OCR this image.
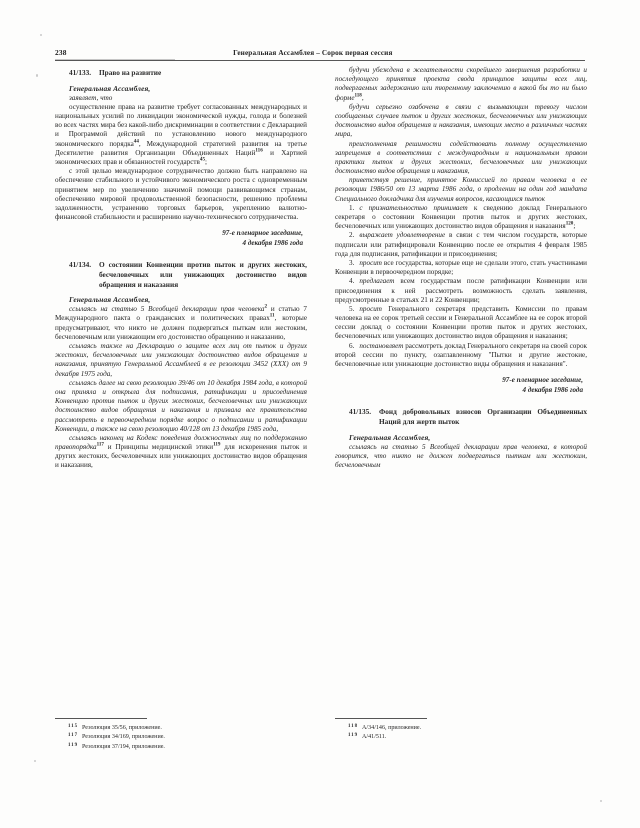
238	Генеральная Ассамблея – Сорок первая сессия
41/133.	Право на развитие
Генеральная Ассамблея,

заявляет, что

осуществление права на развитие требует согласованных международных и национальных усилий по ликвидации экономической нужды, голода и болезней во всех частях мира без какой-либо дискриминации в соответствии с Декларацией и Программой действий по установлению нового международного экономического порядка$^{44}$, Международной стратегией развития на третье Десятилетие развития Организации Объединенных Наций$^{116}$ и Хартией экономических прав и обязанностей государств$^{45}$;

с этой целью международное сотрудничество должно быть направлено на обеспечение стабильного и устойчивого экономического роста с одновременным принятием мер по увеличению значимой помощи развивающимся странам, обеспечению мировой продовольственной безопасности, решению проблемы задолженности, устранению торговых барьеров, укреплению валютно-финансовой стабильности и расширению научно-технического сотрудничества.

97-е пленарное заседание,
4 декабря 1986 года
41/134.	О состоянии Конвенции против пыток и других жестоких, бесчеловечных или унижающих достоинство видов обращения и наказания
Генеральная Ассамблея,

ссылаясь на статью 5 Всеобщей декларации прав человека$^2$ и статью 7 Международного пакта о гражданских и политических правах$^{11}$, которые предусматривают, что никто не должен подвергаться пыткам или жестоким, бесчеловечным или унижающим его достоинство обращению и наказанию,

ссылаясь также на Декларацию о защите всех лиц от пыток и других жестоких, бесчеловечных или унижающих достоинство видов обращения и наказания, принятую Генеральной Ассамблеей в ее резолюции 3452 (XXX) от 9 декабря 1975 года,

ссылаясь далее на свою резолюцию 39/46 от 10 декабря 1984 года, в которой она приняла и открыла для подписания, ратификации и присоединения Конвенцию против пыток и других жестоких, бесчеловечных или унижающих достоинство видов обращения и наказания и призвала все правительства рассмотреть в первоочередном порядке вопрос о подписании и ратификации Конвенции, а также на свою резолюцию 40/128 от 13 декабря 1985 года,

ссылаясь наконец на Кодекс поведения должностных лиц по поддержанию правопорядка$^{117}$ и Принципы медицинской этики$^{119}$ для искоренения пыток и других жестоких, бесчеловечных или унижающих достоинство видов обращения и наказания,

будучи убеждена в желательности скорейшего завершения разработки и последующего принятия проекта свода принципов защиты всех лиц, подвергаемых задержанию или тюремному заключению в какой бы то ни было форме$^{118}$,

будучи серьезно озабочена в связи с вызывающим тревогу числом сообщаемых случаев пыток и других жестоких, бесчеловечных или унижающих достоинство видов обращения и наказания, имеющих место в различных частях мира,

преисполненная решимости содействовать полному осуществлению запрещения в соответствии с международным и национальным правом практики пыток и других жестоких, бесчеловечных или унижающих достоинство видов обращения и наказания,

приветствуя решение, принятое Комиссией по правам человека в ее резолюции 1986/50 от 13 марта 1986 года, о продлении на один год мандата Специального докладчика для изучения вопросов, касающихся пыток

1. с признательностью принимает к сведению доклад Генерального секретаря о состоянии Конвенции против пыток и других жестоких, бесчеловечных или унижающих достоинство видов обращения и наказания$^{120}$;

2. выражает удовлетворение в связи с тем числом государств, которые подписали или ратифицировали Конвенцию после ее открытия 4 февраля 1985 года для подписания, ратификации и присоединения;

3. просит все государства, которые еще не сделали этого, стать участниками Конвенции в первоочередном порядке;

4. предлагает всем государствам после ратификации Конвенции или присоединения к ней рассмотреть возможность сделать заявления, предусмотренные в статьях 21 и 22 Конвенции;

5. просит Генерального секретаря представить Комиссии по правам человека на ее сорок третьей сессии и Генеральной Ассамблее на ее сорок второй сессии доклад о состоянии Конвенции против пыток и других жестоких, бесчеловечных или унижающих достоинство видов обращения и наказания;

6. постановляет рассмотреть доклад Генерального секретаря на своей сорок второй сессии по пункту, озаглавленному "Пытки и другие жестокие, бесчеловечные или унижающие достоинство виды обращения и наказания".

97-е пленарное заседание,
4 декабря 1986 года
41/135.	Фонд добровольных взносов Организации Объединенных Наций для жертв пыток
Генеральная Ассамблея,

ссылаясь на статью 5 Всеобщей декларации прав человека, в которой говорится, что никто не должен подвергаться пыткам или жестоким, бесчеловечным

115 Резолюция 35/56, приложение.
117 Резолюция 34/169, приложение.
119 Резолюция 37/194, приложение.
118 A/34/146, приложение.
119 A/41/511.
